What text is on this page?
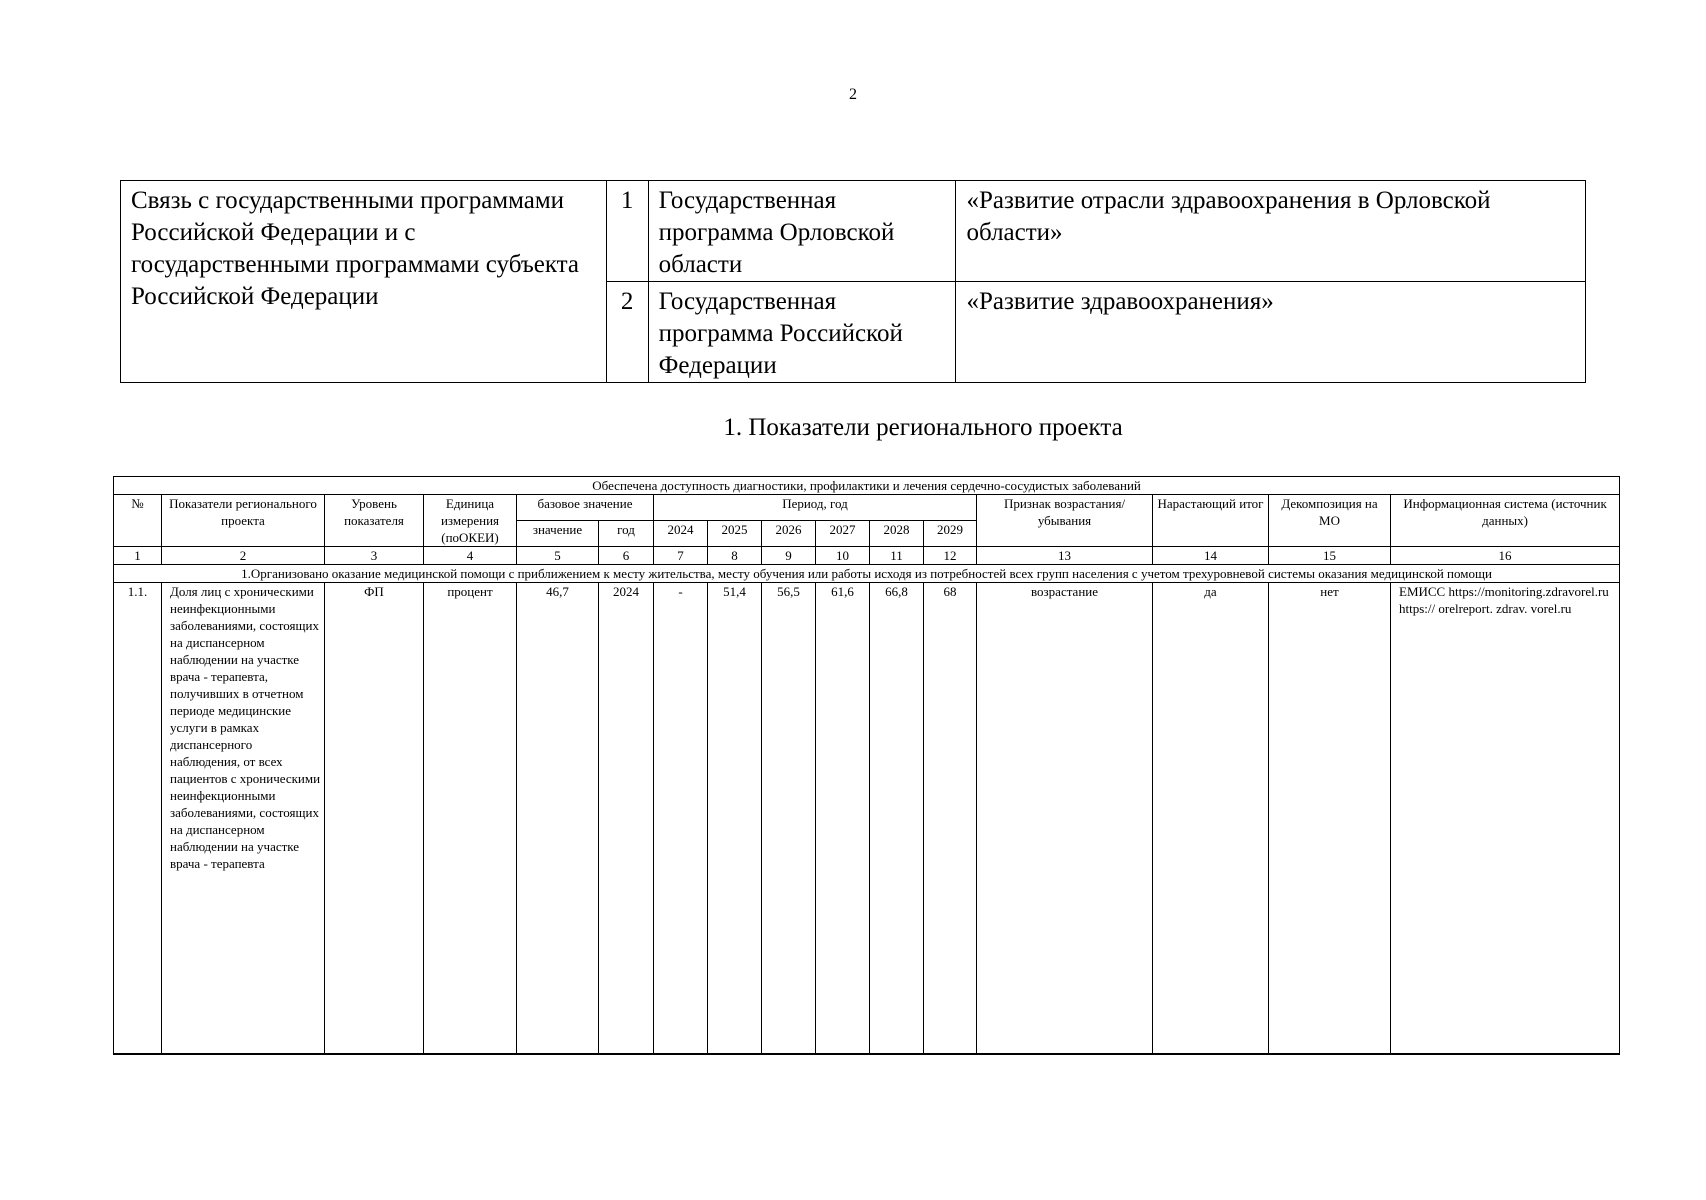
2
Связь с государственными программами Российской Федерации и с государственными программами субъекта Российской Федерации	1	Государственная программа Орловской области	«Развитие отрасли здравоохранения в Орловской области»
	2	Государственная программа Российской Федерации	«Развитие здравоохранения»
1. Показатели регионального проекта
Обеспечена доступность диагностики, профилактики и лечения сердечно-сосудистых заболеваний															
№	Показатели регионального проекта	Уровень показателя	Единица измерения (поОКЕИ)	базовое значение		Период, год						Признак возрастания/убывания	Нарастающий итог	Декомпозиция на МО	Информационная система (источник данных)
				значение	год	2024	2025	2026	2027	2028	2029				
1	2	3	4	5	6	7	8	9	10	11	12	13	14	15	16
1.Организовано оказание медицинской помощи с приближением к месту жительства, месту обучения или работы исходя из потребностей всех групп населения с учетом трехуровневой системы оказания медицинской помощи															
1.1.	Доля лиц с хроническими неинфекционными заболеваниями, состоящих на диспансерном наблюдении на участке врача - терапевта, получивших в отчетном периоде медицинские услуги в рамках диспансерного наблюдения, от всех пациентов с хроническими неинфекционными заболеваниями, состоящих на диспансерном наблюдении на участке врача - терапевта	ФП	процент	46,7	2024	-	51,4	56,5	61,6	66,8	68	возрастание	да	нет	ЕМИСС https://monitoring.zdravorel.ru https:// orelreport. zdrav. vorel.ru
